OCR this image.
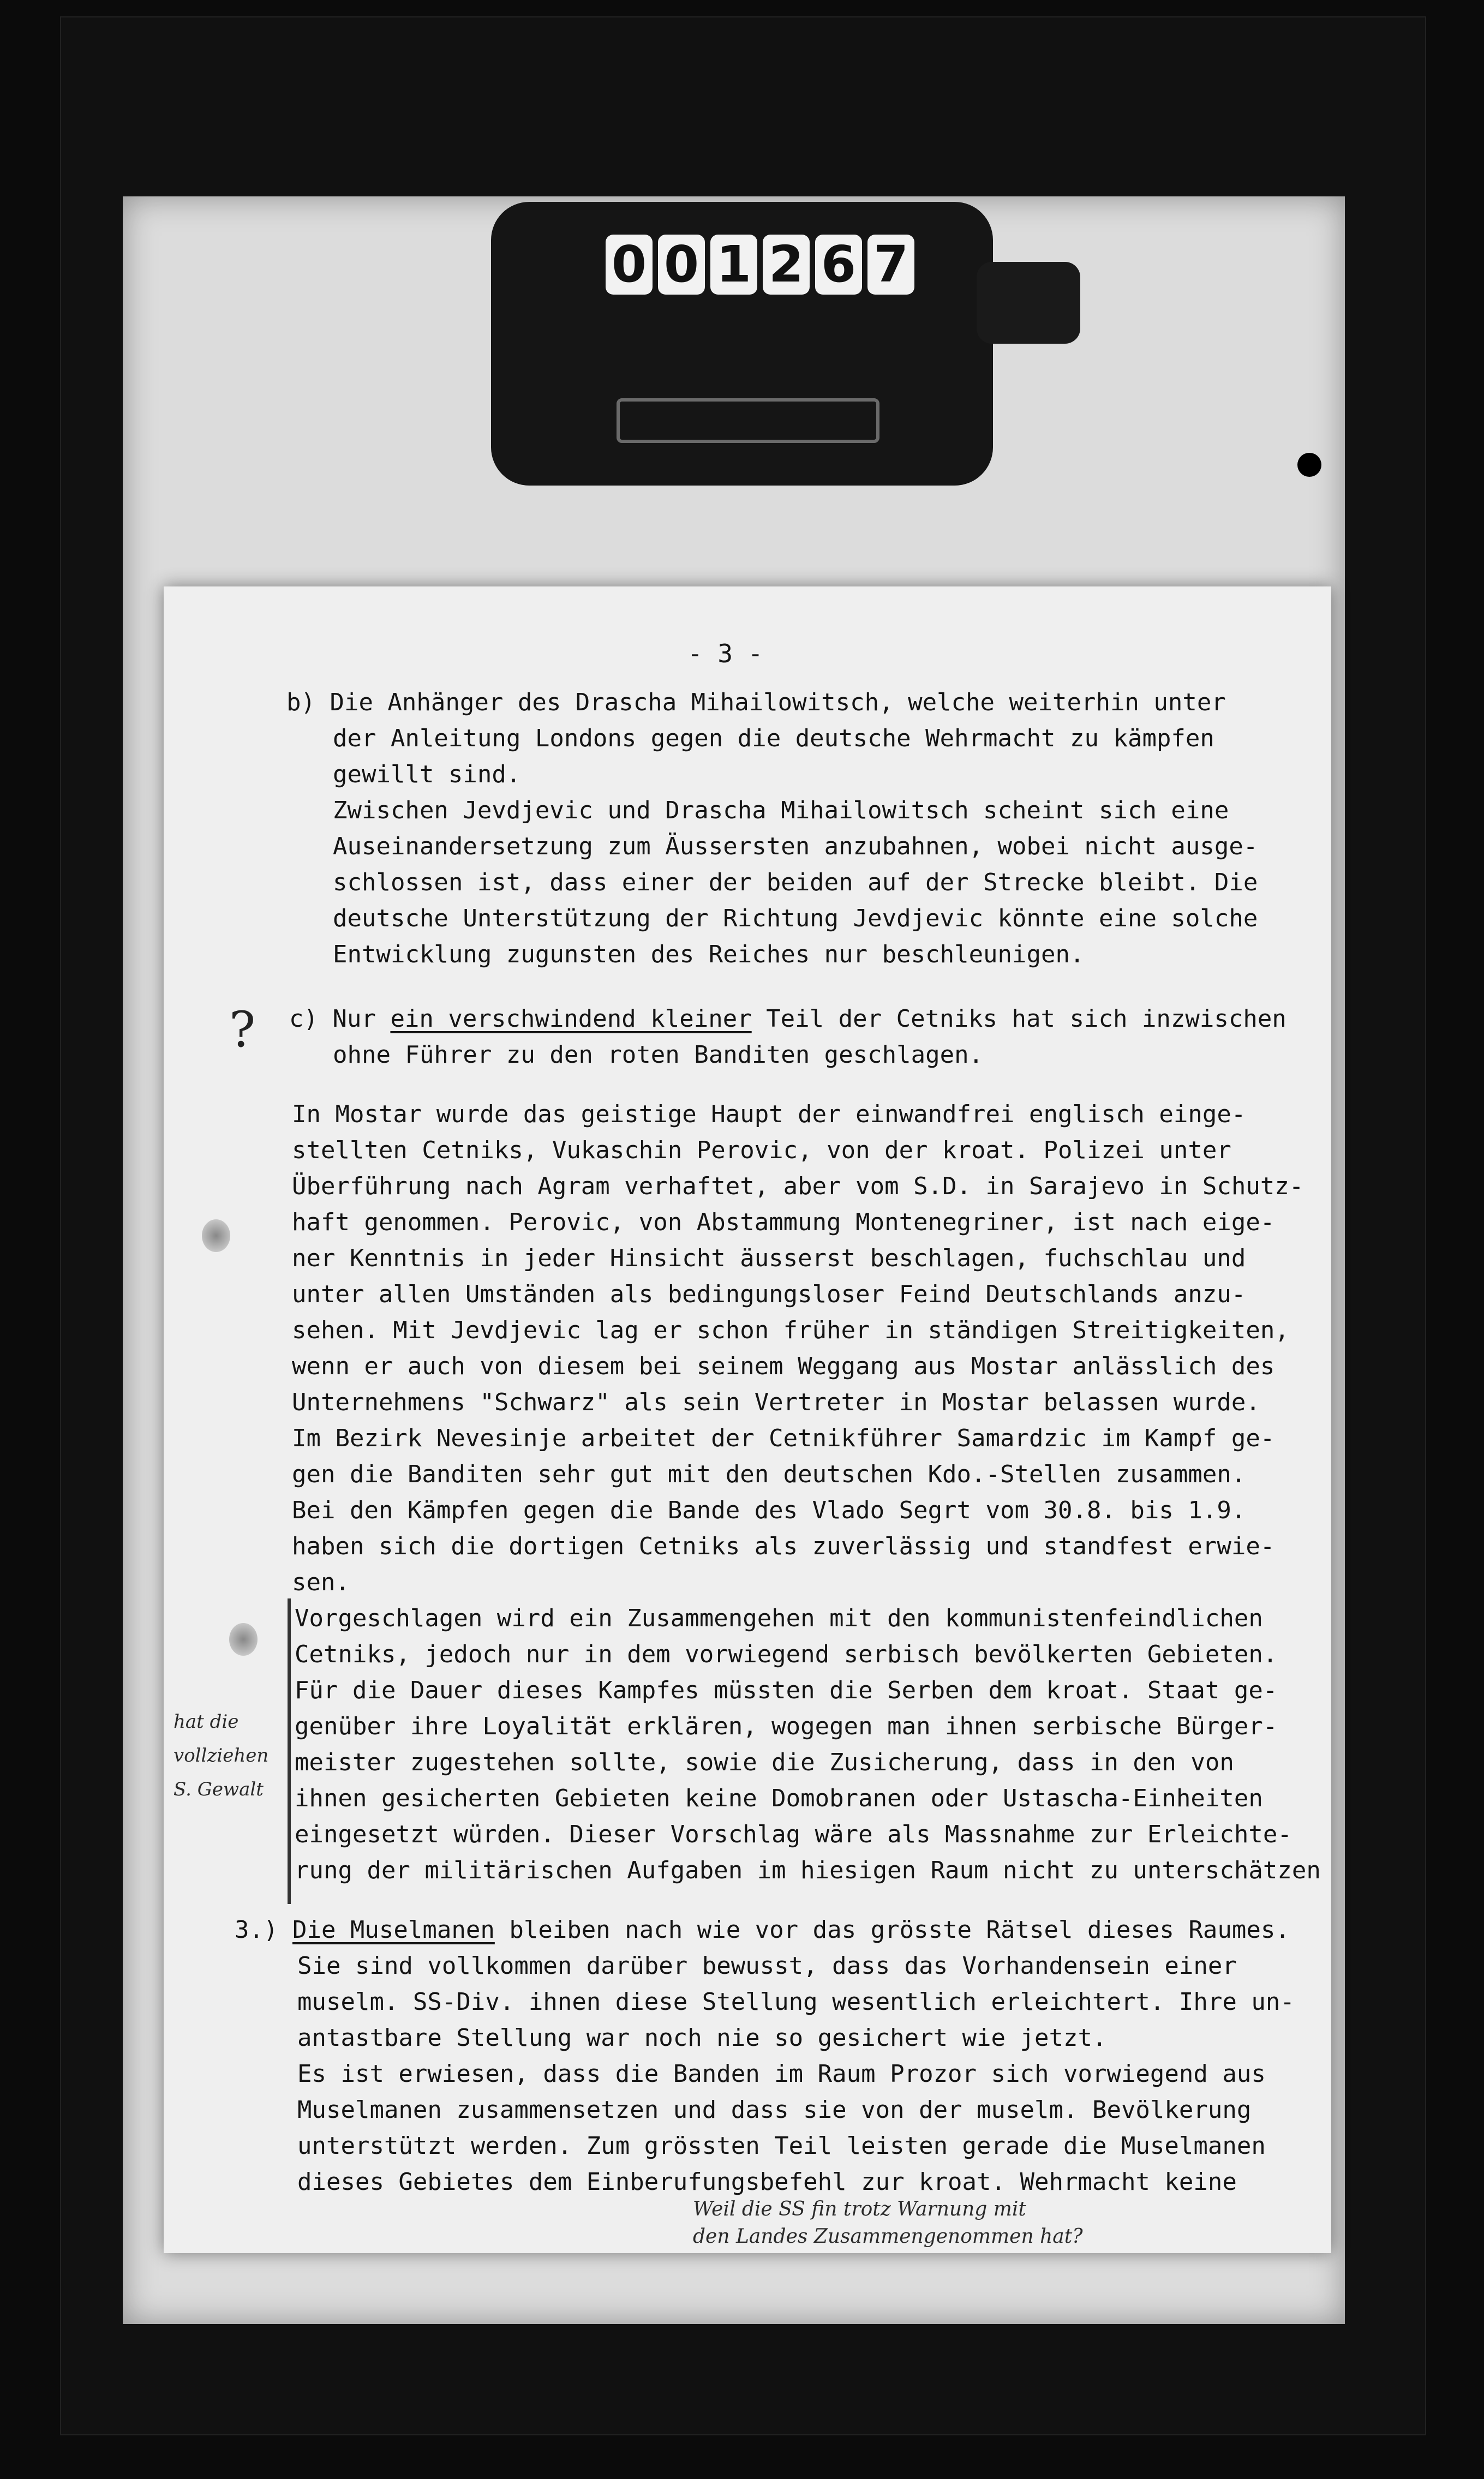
0 0 1 2 6 7

- 3 -

b) Die Anhänger des Drascha Mihailowitsch, welche weiterhin unter

der Anleitung Londons gegen die deutsche Wehrmacht zu kämpfen

gewillt sind.

Zwischen Jevdjevic und Drascha Mihailowitsch scheint sich eine

Auseinandersetzung zum Äussersten anzubahnen, wobei nicht ausge-

schlossen ist, dass einer der beiden auf der Strecke bleibt. Die

deutsche Unterstützung der Richtung Jevdjevic könnte eine solche

Entwicklung zugunsten des Reiches nur beschleunigen.

c) Nur ein verschwindend kleiner Teil der Cetniks hat sich inzwischen

ohne Führer zu den roten Banditen geschlagen.

In Mostar wurde das geistige Haupt der einwandfrei englisch einge-

stellten Cetniks, Vukaschin Perovic, von der kroat. Polizei unter

Überführung nach Agram verhaftet, aber vom S.D. in Sarajevo in Schutz-

haft genommen. Perovic, von Abstammung Montenegriner, ist nach eige-

ner Kenntnis in jeder Hinsicht äusserst beschlagen, fuchschlau und

unter allen Umständen als bedingungsloser Feind Deutschlands anzu-

sehen. Mit Jevdjevic lag er schon früher in ständigen Streitigkeiten,

wenn er auch von diesem bei seinem Weggang aus Mostar anlässlich des

Unternehmens "Schwarz" als sein Vertreter in Mostar belassen wurde.

Im Bezirk Nevesinje arbeitet der Cetnikführer Samardzic im Kampf ge-

gen die Banditen sehr gut mit den deutschen Kdo.-Stellen zusammen.

Bei den Kämpfen gegen die Bande des Vlado Segrt vom 30.8. bis 1.9.

haben sich die dortigen Cetniks als zuverlässig und standfest erwie-

sen.

Vorgeschlagen wird ein Zusammengehen mit den kommunistenfeindlichen

Cetniks, jedoch nur in dem vorwiegend serbisch bevölkerten Gebieten.

Für die Dauer dieses Kampfes müssten die Serben dem kroat. Staat ge-

genüber ihre Loyalität erklären, wogegen man ihnen serbische Bürger-

meister zugestehen sollte, sowie die Zusicherung, dass in den von

ihnen gesicherten Gebieten keine Domobranen oder Ustascha-Einheiten

eingesetzt würden. Dieser Vorschlag wäre als Massnahme zur Erleichte-

rung der militärischen Aufgaben im hiesigen Raum nicht zu unterschätzen

3.) Die Muselmanen bleiben nach wie vor das grösste Rätsel dieses Raumes.

Sie sind vollkommen darüber bewusst, dass das Vorhandensein einer

muselm. SS-Div. ihnen diese Stellung wesentlich erleichtert. Ihre un-

antastbare Stellung war noch nie so gesichert wie jetzt.

Es ist erwiesen, dass die Banden im Raum Prozor sich vorwiegend aus

Muselmanen zusammensetzen und dass sie von der muselm. Bevölkerung

unterstützt werden. Zum grössten Teil leisten gerade die Muselmanen

dieses Gebietes dem Einberufungsbefehl zur kroat. Wehrmacht keine

?
hat die
vollziehen
S. Gewalt
Weil die SS fin trotz Warnung mit
den Landes Zusammengenommen hat?
